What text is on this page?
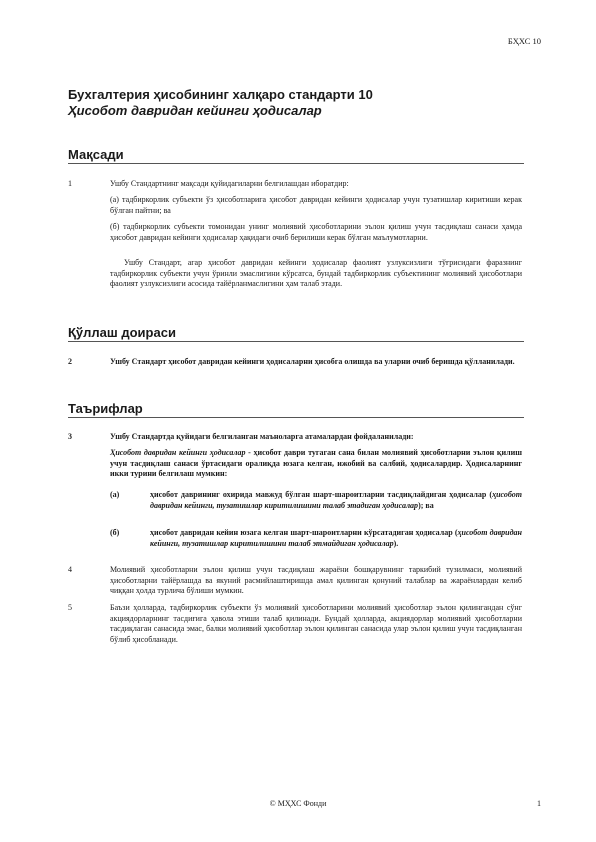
БҲХС 10
Бухгалтерия ҳисобининг халқаро стандарти 10
Ҳисобот давридан кейинги ҳодисалар
Мақсади
1	Ушбу Стандартнинг мақсади қуйидагиларни белгилашдан иборатдир:
(а) тадбиркорлик субъекти ўз ҳисоботларига ҳисобот давридан кейинги ҳодисалар учун тузатишлар киритиши керак бўлган пайтни; ва
(б) тадбиркорлик субъекти томонидан унинг молиявий ҳисоботларини эълон қилиш учун тасдиқлаш санаси ҳамда ҳисобот давридан кейинги ҳодисалар ҳақидаги очиб берилиши керак бўлган маълумотларни.
Ушбу Стандарт, агар ҳисобот давридан кейинги ҳодисалар фаолият узлуксизлиги тўғрисидаги фаразнинг тадбиркорлик субъекти учун ўринли эмаслигини кўрсатса, бундай тадбиркорлик субъектининг молиявий ҳисоботлари фаолият узлуксизлиги асосида тайёрланмаслигини ҳам талаб этади.
Қўллаш доираси
2	Ушбу Стандарт ҳисобот давридан кейинги ҳодисаларни ҳисобга олишда ва уларни очиб беришда қўлланилади.
Таърифлар
3	Ушбу Стандартда қуйидаги белгиланган маъноларга атамалардан фойдаланилади:
Ҳисобот давридан кейинги ҳодисалар - ҳисобот даври тугаган сана билан молиявий ҳисоботларни эълон қилиш учун тасдиқлаш санаси ўртасидаги оралиқда юзага келган, ижобий ва салбий, ҳодисалардир. Ҳодисаларнинг икки турини белгилаш мумкин:
(а)	ҳисобот даврининг охирида мавжуд бўлган шарт-шароитларни тасдиқлайдиган ҳодисалар (ҳисобот давридан кейинги, тузатишлар киритилишини талаб этадиган ҳодисалар); ва
(б)	ҳисобот давридан кейин юзага келган шарт-шароитларни кўрсатадиган ҳодисалар (ҳисобот давридан кейинги, тузатишлар киритилишини талаб этмайдиган ҳодисалар).
4	Молиявий ҳисоботларни эълон қилиш учун тасдиқлаш жараёни бошқарувнинг таркибий тузилмаси, молиявий ҳисоботларни тайёрлашда ва якуний расмийлаштиришда амал қилинган қонуний талаблар ва жараёнлардан келиб чиққан ҳолда турлича бўлиши мумкин.
5	Баъзи ҳолларда, тадбиркорлик субъекти ўз молиявий ҳисоботларини молиявий ҳисоботлар эълон қилингандан сўнг акциядорларнинг тасдиғига ҳавола этиши талаб қилинади. Бундай ҳолларда, акциядорлар молиявий ҳисоботларни тасдиқлаган санасида эмас, балки молиявий ҳисоботлар эълон қилинган санасида улар эълон қилиш учун тасдиқланган бўлиб ҳисобланади.
© МҲХС Фонди	1
